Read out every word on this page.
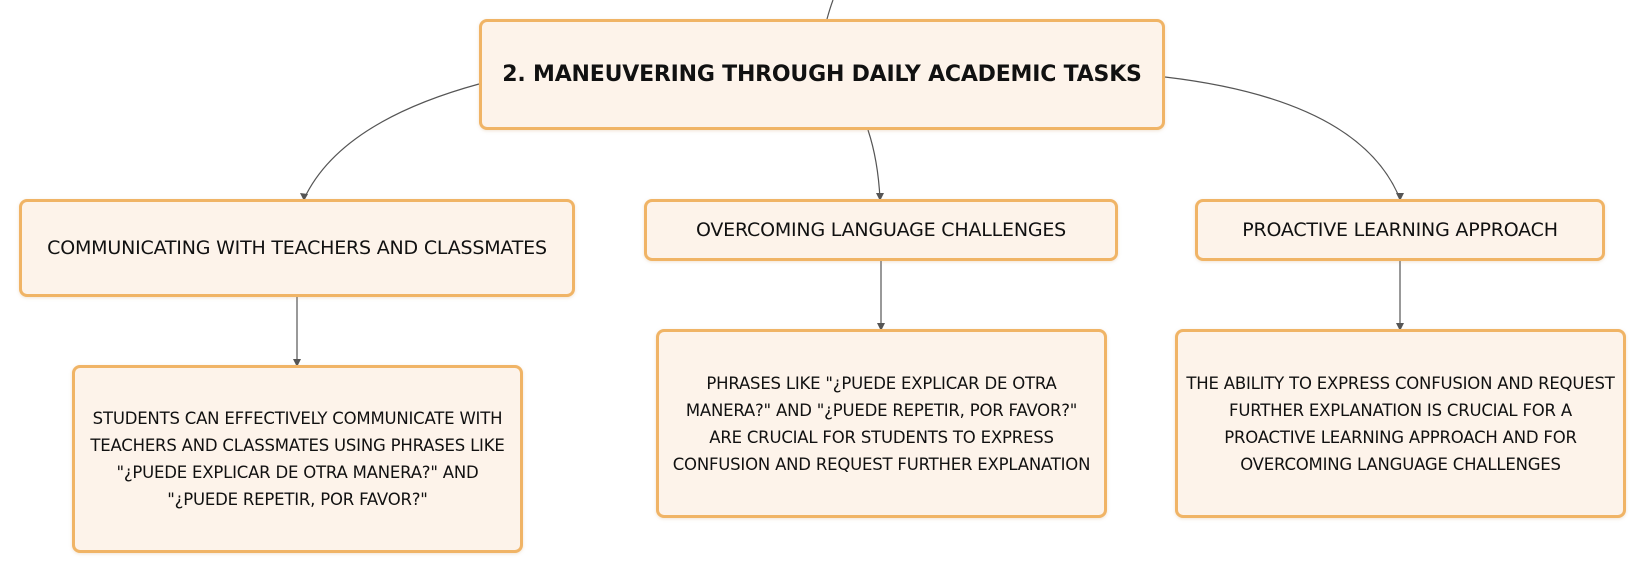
2. MANEUVERING THROUGH DAILY ACADEMIC TASKS
COMMUNICATING WITH TEACHERS AND CLASSMATES
OVERCOMING LANGUAGE CHALLENGES	PROACTIVE LEARNING APPROACH
STUDENTS CAN EFFECTIVELY COMMUNICATE WITH TEACHERS AND CLASSMATES USING PHRASES LIKE "¿PUEDE EXPLICAR DE OTRA MANERA?" AND "¿PUEDE REPETIR, POR FAVOR?"
PHRASES LIKE "¿PUEDE EXPLICAR DE OTRA MANERA?" AND "¿PUEDE REPETIR, POR FAVOR?" ARE CRUCIAL FOR STUDENTS TO EXPRESS CONFUSION AND REQUEST FURTHER EXPLANATION
THE ABILITY TO EXPRESS CONFUSION AND REQUEST FURTHER EXPLANATION IS CRUCIAL FOR A PROACTIVE LEARNING APPROACH AND FOR OVERCOMING LANGUAGE CHALLENGES
